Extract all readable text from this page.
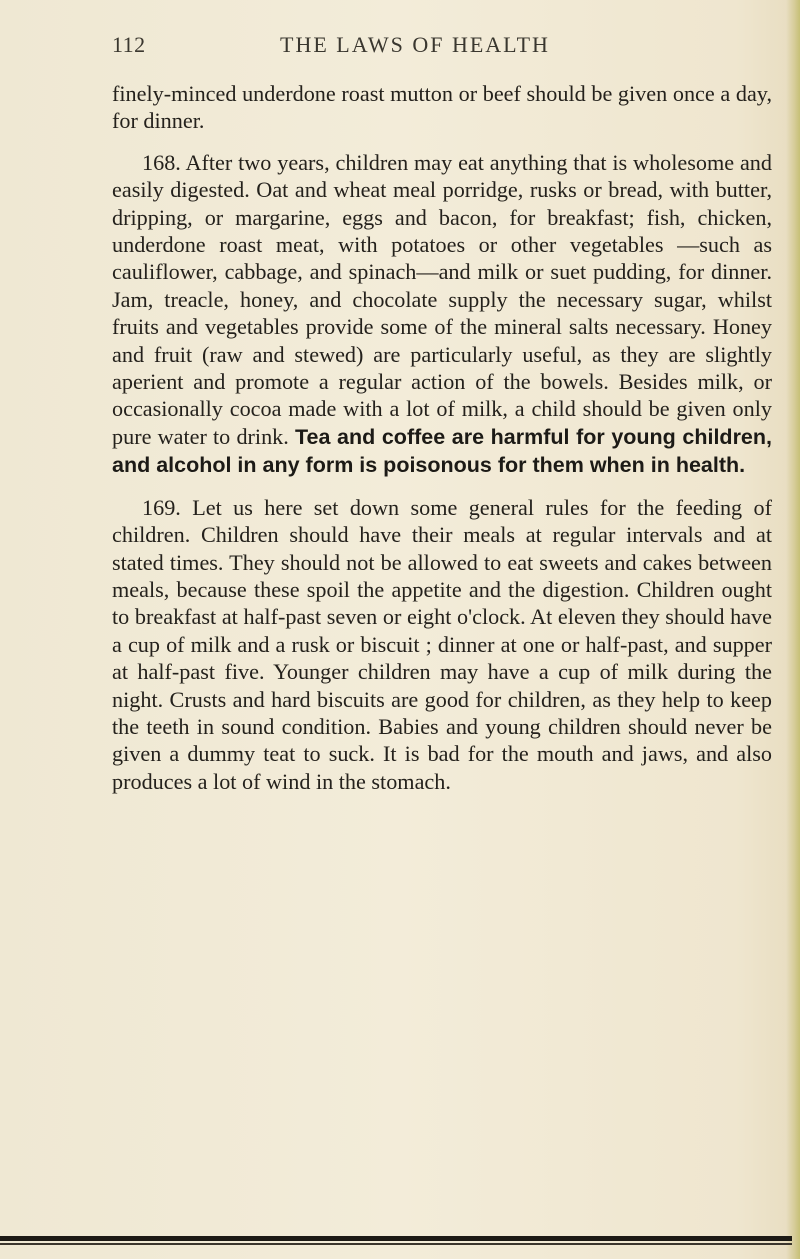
112	THE LAWS OF HEALTH

finely-minced underdone roast mutton or beef should be given once a day, for dinner.

168. After two years, children may eat anything that is wholesome and easily digested. Oat and wheat meal porridge, rusks or bread, with butter, dripping, or margarine, eggs and bacon, for breakfast; fish, chicken, underdone roast meat, with potatoes or other vegetables —such as cauliflower, cabbage, and spinach—and milk or suet pudding, for dinner. Jam, treacle, honey, and chocolate supply the necessary sugar, whilst fruits and vegetables provide some of the mineral salts necessary. Honey and fruit (raw and stewed) are particularly useful, as they are slightly aperient and promote a regular action of the bowels. Besides milk, or occasionally cocoa made with a lot of milk, a child should be given only pure water to drink. Tea and coffee are harmful for young children, and alcohol in any form is poisonous for them when in health.

169. Let us here set down some general rules for the feeding of children. Children should have their meals at regular intervals and at stated times. They should not be allowed to eat sweets and cakes between meals, because these spoil the appetite and the digestion. Children ought to breakfast at half-past seven or eight o'clock. At eleven they should have a cup of milk and a rusk or biscuit ; dinner at one or half-past, and supper at half-past five. Younger children may have a cup of milk during the night. Crusts and hard biscuits are good for children, as they help to keep the teeth in sound condition. Babies and young children should never be given a dummy teat to suck. It is bad for the mouth and jaws, and also produces a lot of wind in the stomach.
